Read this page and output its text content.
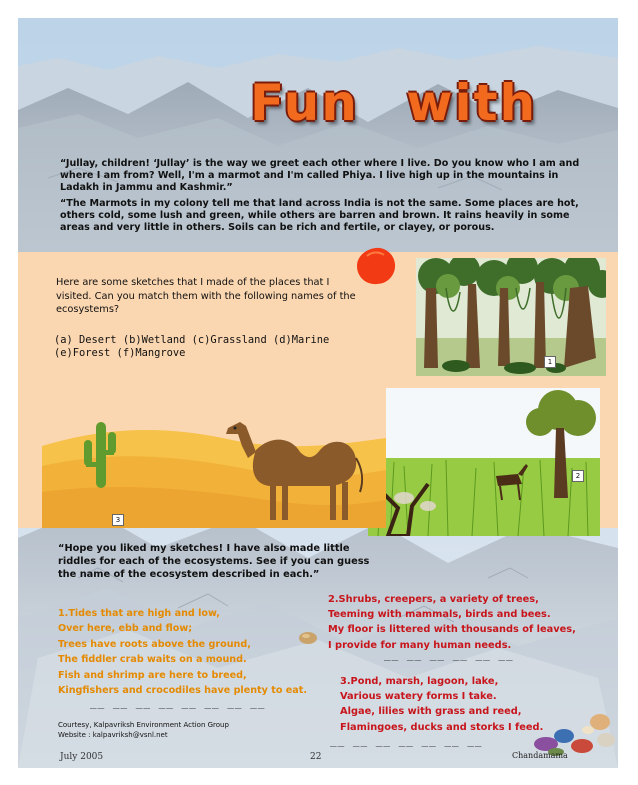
Fun with

“Jullay, children! ‘Jullay’ is the way we greet each other where I live. Do you know who I am and where I am from? Well, I'm a marmot and I'm called Phiya. I live high up in the mountains in Ladakh in Jammu and Kashmir.”

“The Marmots in my colony tell me that land across India is not the same. Some places are hot, others cold, some lush and green, while others are barren and brown. It rains heavily in some areas and very little in others. Soils can be rich and fertile, or clayey, or porous.

Here are some sketches that I made of the places that I visited. Can you match them with the following names of the ecosystems?
(a) Desert (b)Wetland (c)Grassland (d)Marine
(e)Forest (f)Mangrove
1
2
3
“Hope you liked my sketches! I have also made little riddles for each of the ecosystems. See if you can guess the name of the ecosystem described in each.”
1.Tides that are high and low,
Over here, ebb and flow;
Trees have roots above the ground,
The fiddler crab waits on a mound.
Fish and shrimp are here to breed,
Kingfishers and crocodiles have plenty to eat.
__ __ __ __ __ __ __ __
2.Shrubs, creepers, a variety of trees,
Teeming with mammals, birds and bees.
My floor is littered with thousands of leaves,
I provide for many human needs.
__ __ __ __ __ __
3.Pond, marsh, lagoon, lake,
Various watery forms I take.
Algae, lilies with grass and reed,
Flamingoes, ducks and storks I feed.
__ __ __ __ __ __ __
Courtesy, Kalpavriksh Environment Action Group
Website : kalpavriksh@vsnl.net
July 2005	22	Chandamama
